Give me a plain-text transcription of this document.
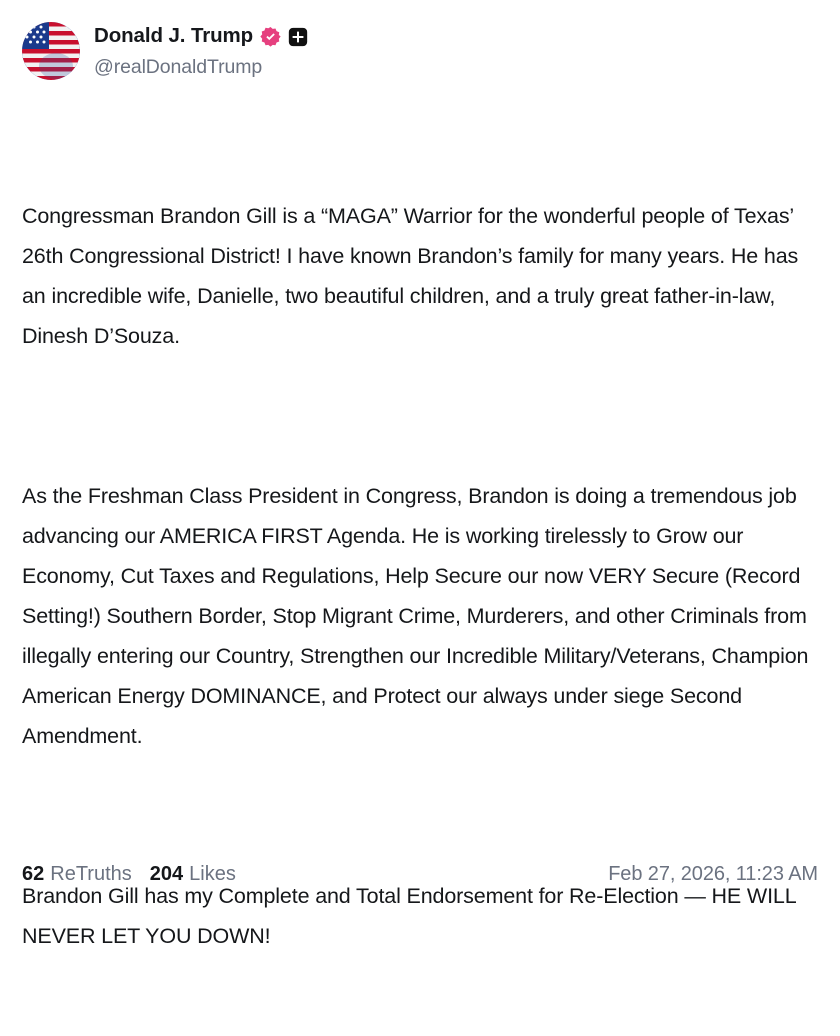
Donald J. Trump
@realDonaldTrump

Congressman Brandon Gill is a “MAGA” Warrior for the wonderful people of Texas’ 26th Congressional District! I have known Brandon’s family for many years. He has an incredible wife, Danielle, two beautiful children, and a truly great father-in-law, Dinesh D’Souza.

As the Freshman Class President in Congress, Brandon is doing a tremendous job advancing our AMERICA FIRST Agenda. He is working tirelessly to Grow our Economy, Cut Taxes and Regulations, Help Secure our now VERY Secure (Record Setting!) Southern Border, Stop Migrant Crime, Murderers, and other Criminals from illegally entering our Country, Strengthen our Incredible Military/Veterans, Champion American Energy DOMINANCE, and Protect our always under siege Second Amendment.

Brandon Gill has my Complete and Total Endorsement for Re-Election — HE WILL NEVER LET YOU DOWN!

62 ReTruths 204 Likes	Feb 27, 2026, 11:23 AM
